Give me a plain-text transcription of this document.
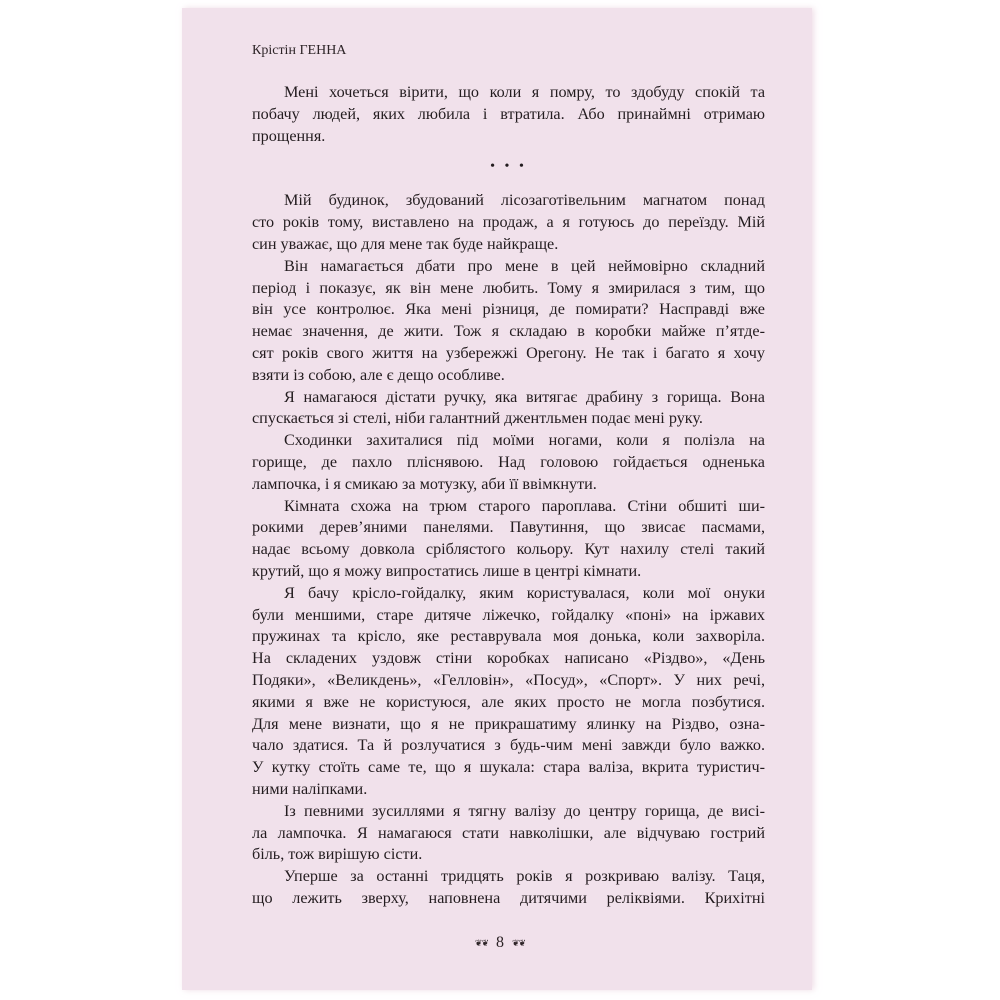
Крістін ГЕННА
Мені хочеться вірити, що коли я помру, то здобуду спокій та
побачу людей, яких любила і втратила. Або принаймні отримаю
прощення.
• • •
Мій будинок, збудований лісозаготівельним магнатом понад
сто років тому, виставлено на продаж, а я готуюсь до переїзду. Мій
син уважає, що для мене так буде найкраще.
Він намагається дбати про мене в цей неймовірно складний
період і показує, як він мене любить. Тому я змирилася з тим, що
він усе контролює. Яка мені різниця, де помирати? Насправді вже
немає значення, де жити. Тож я складаю в коробки майже п’ятде-
сят років свого життя на узбережжі Орегону. Не так і багато я хочу
взяти із собою, але є дещо особливе.
Я намагаюся дістати ручку, яка витягає драбину з горища. Вона
спускається зі стелі, ніби галантний джентльмен подає мені руку.
Сходинки захиталися під моїми ногами, коли я полізла на
горище, де пахло пліснявою. Над головою гойдається одненька
лампочка, і я смикаю за мотузку, аби її ввімкнути.
Кімната схожа на трюм старого пароплава. Стіни обшиті ши-
рокими дерев’яними панелями. Павутиння, що звисає пасмами,
надає всьому довкола сріблястого кольору. Кут нахилу стелі такий
крутий, що я можу випростатись лише в центрі кімнати.
Я бачу крісло-гойдалку, яким користувалася, коли мої онуки
були меншими, старе дитяче ліжечко, гойдалку «поні» на іржавих
пружинах та крісло, яке реставрувала моя донька, коли захворіла.
На складених уздовж стіни коробках написано «Різдво», «День
Подяки», «Великдень», «Гелловін», «Посуд», «Спорт». У них речі,
якими я вже не користуюся, але яких просто не могла позбутися.
Для мене визнати, що я не прикрашатиму ялинку на Різдво, озна-
чало здатися. Та й розлучатися з будь-чим мені завжди було важко.
У кутку стоїть саме те, що я шукала: стара валіза, вкрита туристич-
ними наліпками.
Із певними зусиллями я тягну валізу до центру горища, де висі-
ла лампочка. Я намагаюся стати навколішки, але відчуваю гострий
біль, тож вирішую сісти.
Уперше за останні тридцять років я розкриваю валізу. Таця,
що лежить зверху, наповнена дитячими реліквіями. Крихітні
❦❦ 8 ❦❦
